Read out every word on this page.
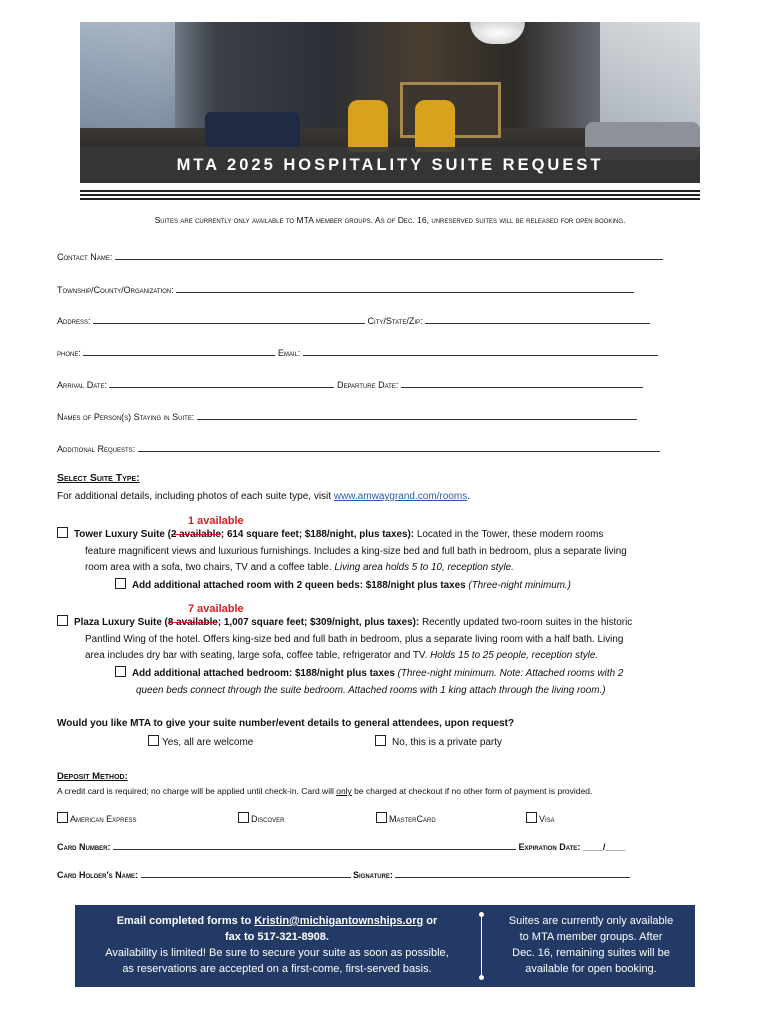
MTA 2025 HOSPITALITY SUITE REQUEST
Suites are currently only available to MTA member groups. As of Dec. 16, unreserved suites will be released for open booking.
Contact Name:
Township/County/Organization:
Address:	City/State/Zip:
phone:	Email:
Arrival Date:	Departure Date:
Names of Person(s) Staying in Suite:
Additional Requests:
Select Suite Type:
For additional details, including photos of each suite type, visit www.amwaygrand.com/rooms.
1 available
Tower Luxury Suite (2 available; 614 square feet; $188/night, plus taxes): Located in the Tower, these modern rooms
feature magnificent views and luxurious furnishings. Includes a king-size bed and full bath in bedroom, plus a separate living
room area with a sofa, two chairs, TV and a coffee table. Living area holds 5 to 10, reception style.
Add additional attached room with 2 queen beds: $188/night plus taxes (Three-night minimum.)
7 available
Plaza Luxury Suite (8 available; 1,007 square feet; $309/night, plus taxes): Recently updated two-room suites in the historic
Pantlind Wing of the hotel. Offers king-size bed and full bath in bedroom, plus a separate living room with a half bath. Living
area includes dry bar with seating, large sofa, coffee table, refrigerator and TV. Holds 15 to 25 people, reception style.
Add additional attached bedroom: $188/night plus taxes (Three-night minimum. Note: Attached rooms with 2
queen beds connect through the suite bedroom. Attached rooms with 1 king attach through the living room.)
Would you like MTA to give your suite number/event details to general attendees, upon request?
Yes, all are welcome	No, this is a private party
Deposit Method:
A credit card is required; no charge will be applied until check-in. Card will only be charged at checkout if no other form of payment is provided.
American Express	Discover	MasterCard	Visa
Card Number:	Expiration Date: ____/____
Card Holder's Name:	Signature:
Email completed forms to Kristin@michigantownships.org or
fax to 517-321-8908.
Availability is limited! Be sure to secure your suite as soon as possible,
as reservations are accepted on a first-come, first-served basis.
Suites are currently only available
to MTA member groups. After
Dec. 16, remaining suites will be
available for open booking.
